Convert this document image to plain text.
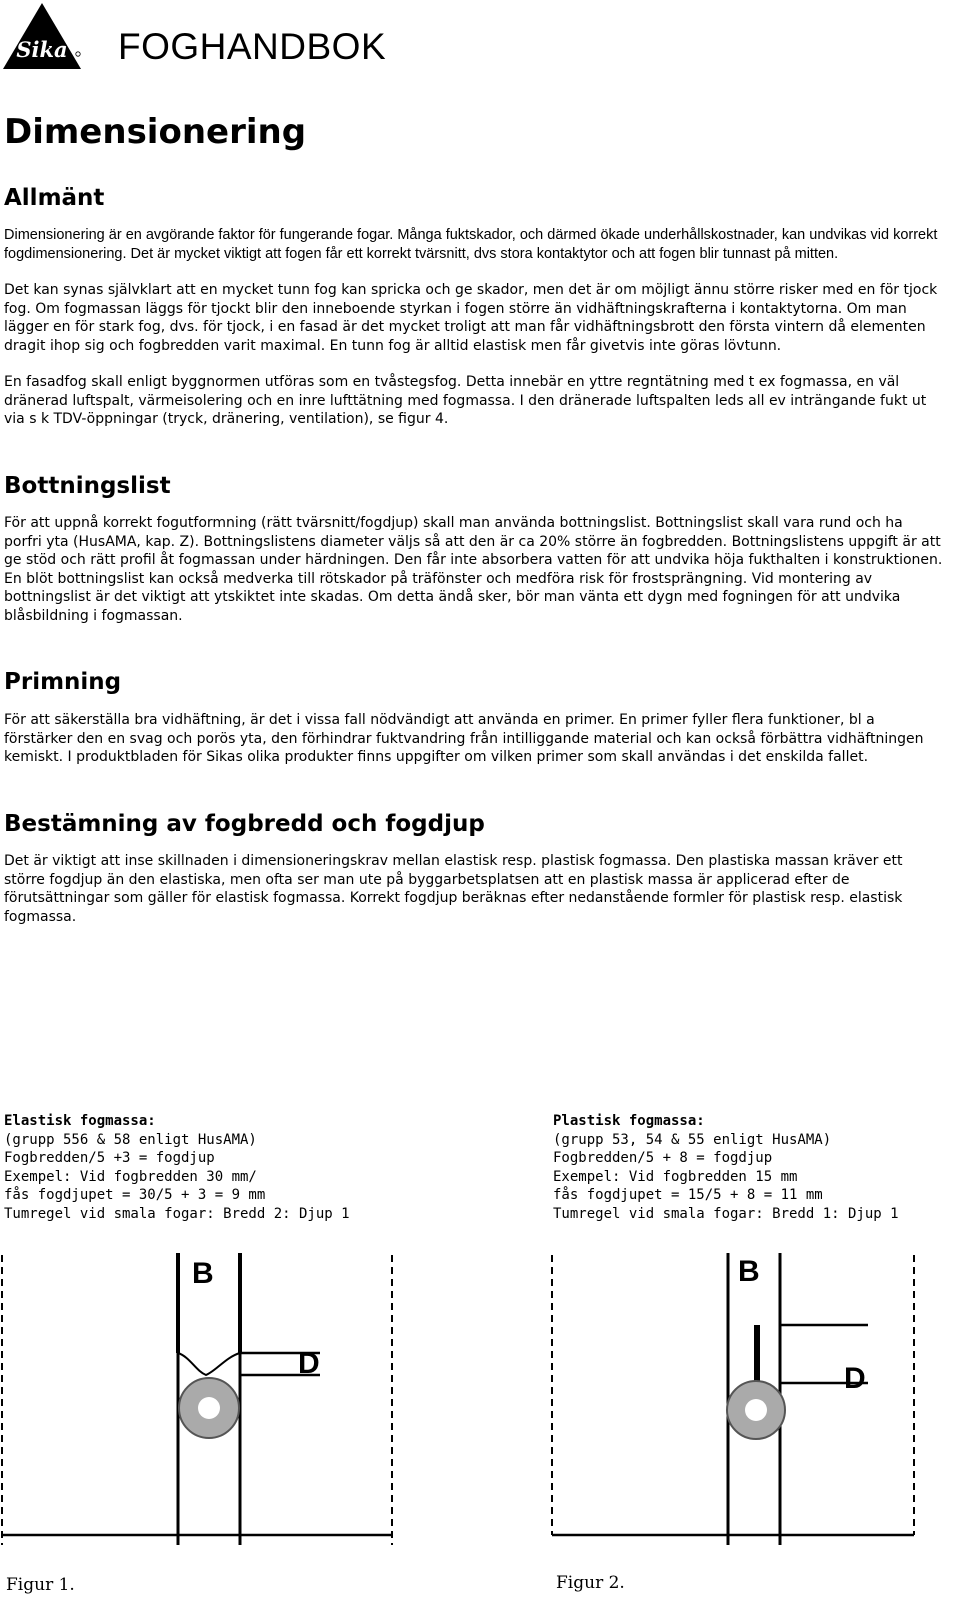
Sika FOGHANDBOK
Dimensionering
Allmänt

Dimensionering är en avgörande faktor för fungerande fogar. Många fuktskador, och därmed ökade underhållskostnader, kan undvikas vid korrekt fogdimensionering. Det är mycket viktigt att fogen får ett korrekt tvärsnitt, dvs stora kontaktytor och att fogen blir tunnast på mitten.

Det kan synas självklart att en mycket tunn fog kan spricka och ge skador, men det är om möjligt ännu större risker med en för tjock fog. Om fogmassan läggs för tjockt blir den inneboende styrkan i fogen större än vidhäftningskrafterna i kontaktytorna. Om man lägger en för stark fog, dvs. för tjock, i en fasad är det mycket troligt att man får vidhäftningsbrott den första vintern då elementen dragit ihop sig och fogbredden varit maximal. En tunn fog är alltid elastisk men får givetvis inte göras lövtunn.

En fasadfog skall enligt byggnormen utföras som en tvåstegsfog. Detta innebär en yttre regntätning med t ex fogmassa, en väl dränerad luftspalt, värmeisolering och en inre lufttätning med fogmassa. I den dränerade luftspalten leds all ev inträngande fukt ut via s k TDV-öppningar (tryck, dränering, ventilation), se figur 4.

Bottningslist

För att uppnå korrekt fogutformning (rätt tvärsnitt/fogdjup) skall man använda bottningslist. Bottningslist skall vara rund och ha porfri yta (HusAMA, kap. Z). Bottningslistens diameter väljs så att den är ca 20% större än fogbredden. Bottningslistens uppgift är att ge stöd och rätt profil åt fogmassan under härdningen. Den får inte absorbera vatten för att undvika höja fukthalten i konstruktionen. En blöt bottningslist kan också medverka till rötskador på träfönster och medföra risk för frostsprängning. Vid montering av bottningslist är det viktigt att ytskiktet inte skadas. Om detta ändå sker, bör man vänta ett dygn med fogningen för att undvika blåsbildning i fogmassan.

Primning

För att säkerställa bra vidhäftning, är det i vissa fall nödvändigt att använda en primer. En primer fyller flera funktioner, bl a förstärker den en svag och porös yta, den förhindrar fuktvandring från intilliggande material och kan också förbättra vidhäftningen kemiskt. I produktbladen för Sikas olika produkter finns uppgifter om vilken primer som skall användas i det enskilda fallet.

Bestämning av fogbredd och fogdjup

Det är viktigt att inse skillnaden i dimensioneringskrav mellan elastisk resp. plastisk fogmassa. Den plastiska massan kräver ett större fogdjup än den elastiska, men ofta ser man ute på byggarbetsplatsen att en plastisk massa är applicerad efter de förutsättningar som gäller för elastisk fogmassa. Korrekt fogdjup beräknas efter nedanstående formler för plastisk resp. elastisk fogmassa.

Elastisk fogmassa:
(grupp 556 & 58 enligt HusAMA)
Fogbredden/5 +3 = fogdjup
Exempel: Vid fogbredden 30 mm/
fås fogdjupet = 30/5 + 3 = 9 mm
Tumregel vid smala fogar: Bredd 2: Djup 1
Plastisk fogmassa:
(grupp 53, 54 & 55 enligt HusAMA)
Fogbredden/5 + 8 = fogdjup
Exempel: Vid fogbredden 15 mm
fås fogdjupet = 15/5 + 8 = 11 mm
Tumregel vid smala fogar: Bredd 1: Djup 1
B
D
Figur 1.
B
D
Figur 2.
